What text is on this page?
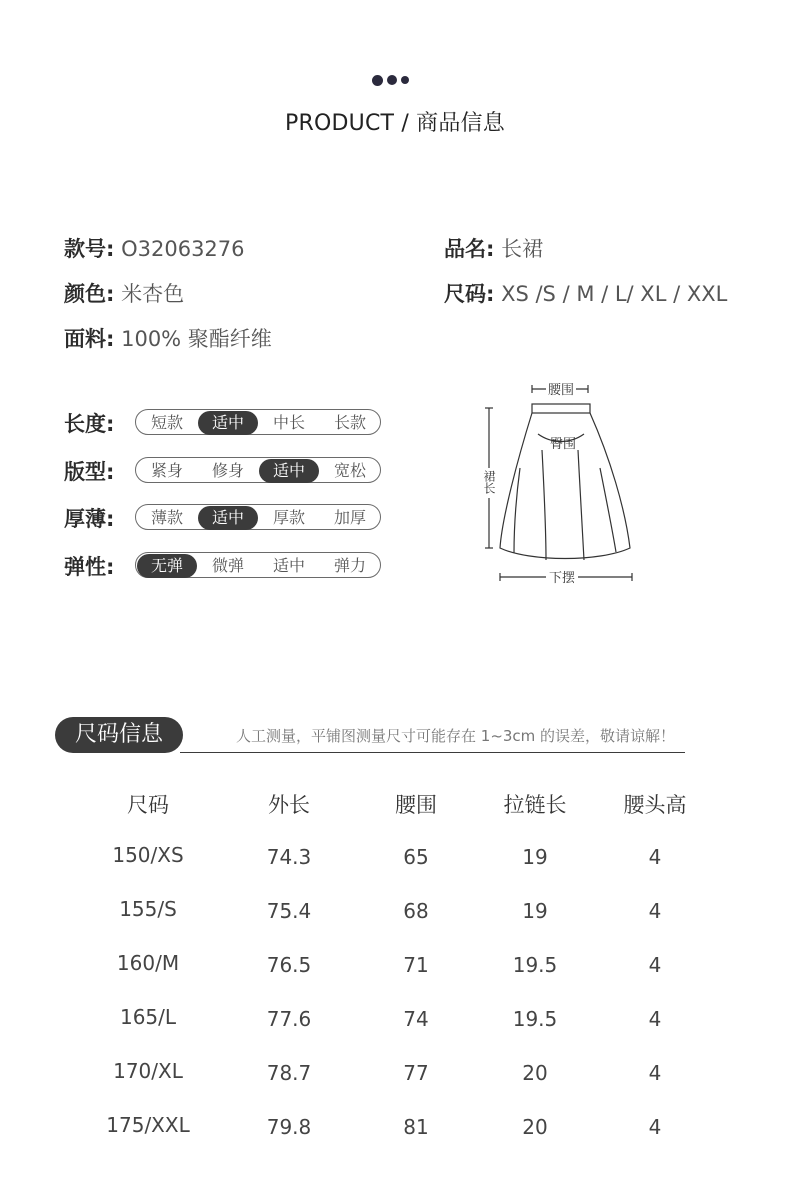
PRODUCT / 商品信息
款号: O32063276	品名: 长裙
颜色: 米杏色	尺码: XS /S / M / L/ XL / XXL
面料: 100% 聚酯纤维
长度:	短款	适中	中长	长款
版型:	紧身	修身	适中	宽松
厚薄:	薄款	适中	厚款	加厚
弹性:	无弹	微弹	适中	弹力
腰围
臀围
裙长
下摆
尺码信息	人工测量，平铺图测量尺寸可能存在 1~3cm 的误差，敬请谅解！
尺码	外长	腰围	拉链长	腰头高
150/XS	74.3	65	19	4
155/S	75.4	68	19	4
160/M	76.5	71	19.5	4
165/L	77.6	74	19.5	4
170/XL	78.7	77	20	4
175/XXL	79.8	81	20	4
